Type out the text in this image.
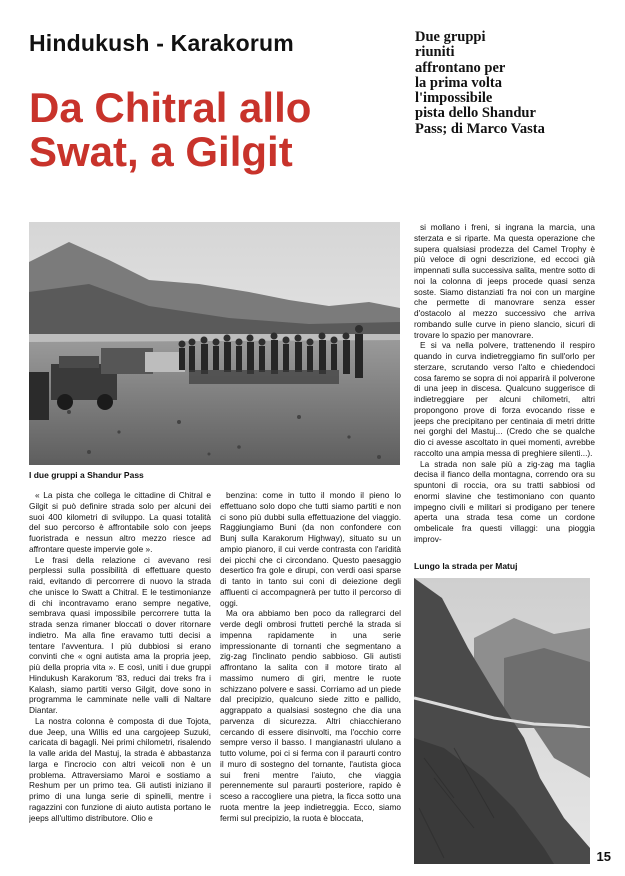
Hindukush - Karakorum
Da Chitral allo
Swat, a Gilgit
Due gruppi
riuniti
affrontano per
la prima volta
l'impossibile
pista dello Shandur
Pass; di Marco Vasta
I due gruppi a Shandur Pass

« La pista che collega le cittadine di Chitral e Gilgit si può definire strada solo per alcuni dei suoi 400 kilometri di sviluppo. La quasi totalità del suo percorso è affrontabile solo con jeeps fuoristrada e nessun altro mezzo riesce ad affrontare queste impervie gole ».

Le frasi della relazione ci avevano resi perplessi sulla possibilità di effettuare questo raid, evitando di percorrere di nuovo la strada che unisce lo Swatt a Chitral. E le testimonianze di chi incontravamo erano sempre negative, sembrava quasi impossibile percorrere tutta la strada senza rimaner bloccati o dover ritornare indietro. Ma alla fine eravamo tutti decisi a tentare l'avventura. I più dubbiosi si erano convinti che « ogni autista ama la propria jeep, più della propria vita ». E così, uniti i due gruppi Hindukush Karakorum '83, reduci dai treks fra i Kalash, siamo partiti verso Gilgit, dove sono in programma le camminate nelle valli di Naltare Diantar.

La nostra colonna è composta di due Tojota, due Jeep, una Willis ed una cargojeep Suzuki, caricata di bagagli. Nei primi chilometri, risalendo la valle arida del Mastuj, la strada è abbastanza larga e l'incrocio con altri veicoli non è un problema. Attraversiamo Maroi e sostiamo a Reshum per un primo tea. Gli autisti iniziano il primo di una lunga serie di spinelli, mentre i ragazzini con funzione di aiuto autista portano le jeeps all'ultimo distributore. Olio e

benzina: come in tutto il mondo il pieno lo effettuano solo dopo che tutti siamo partiti e non ci sono più dubbi sulla effettuazione del viaggio. Raggiungiamo Buni (da non confondere con Bunj sulla Karakorum Highway), situato su un ampio pianoro, il cui verde contrasta con l'aridità dei picchi che ci circondano. Questo paesaggio desertico fra gole e dirupi, con verdi oasi sparse di tanto in tanto sui coni di deiezione degli affluenti ci accompagnerà per tutto il percorso di oggi.

Ma ora abbiamo ben poco da rallegrarci del verde degli ombrosi frutteti perché la strada si impenna rapidamente in una serie impressionante di tornanti che segmentano a zig-zag l'inclinato pendio sabbioso. Gli autisti affrontano la salita con il motore tirato al massimo numero di giri, mentre le ruote schizzano polvere e sassi. Corriamo ad un piede dal precipizio, qualcuno siede zitto e pallido, aggrappato a qualsiasi sostegno che dia una parvenza di sicurezza. Altri chiacchierano cercando di essere disinvolti, ma l'occhio corre sempre verso il basso. I mangianastri ululano a tutto volume, poi ci si ferma con il paraurti contro il muro di sostegno del tornante, l'autista gioca sui freni mentre l'aiuto, che viaggia perennemente sul paraurti posteriore, rapido è sceso a raccogliere una pietra, la ficca sotto una ruota mentre la jeep indietreggia. Ecco, siamo fermi sul precipizio, la ruota è bloccata,

si mollano i freni, si ingrana la marcia, una sterzata e si riparte. Ma questa operazione che supera qualsiasi prodezza del Camel Trophy è più veloce di ogni descrizione, ed eccoci già impennati sulla successiva salita, mentre sotto di noi la colonna di jeeps procede quasi senza soste. Siamo distanziati fra noi con un margine che permette di manovrare senza esser d'ostacolo al mezzo successivo che arriva rombando sulle curve in pieno slancio, sicuri di trovare lo spazio per manovrare.

E si va nella polvere, trattenendo il respiro quando in curva indietreggiamo fin sull'orlo per sterzare, scrutando verso l'alto e chiedendoci cosa faremo se sopra di noi apparirà il polverone di una jeep in discesa. Qualcuno suggerisce di indietreggiare per alcuni chilometri, altri propongono prove di forza evocando risse e jeeps che precipitano per centinaia di metri dritte nei gorghi del Mastuj... (Credo che se qualche dio ci avesse ascoltato in quei momenti, avrebbe raccolto una ampia messa di preghiere silenti...).

La strada non sale più a zig-zag ma taglia decisa il fianco della montagna, correndo ora su spuntoni di roccia, ora su tratti sabbiosi od enormi slavine che testimoniano con quanto impegno civili e militari si prodigano per tenere aperta una strada tesa come un cordone ombelicale fra questi villaggi: una pioggia improv-

Lungo la strada per Matuj
15
